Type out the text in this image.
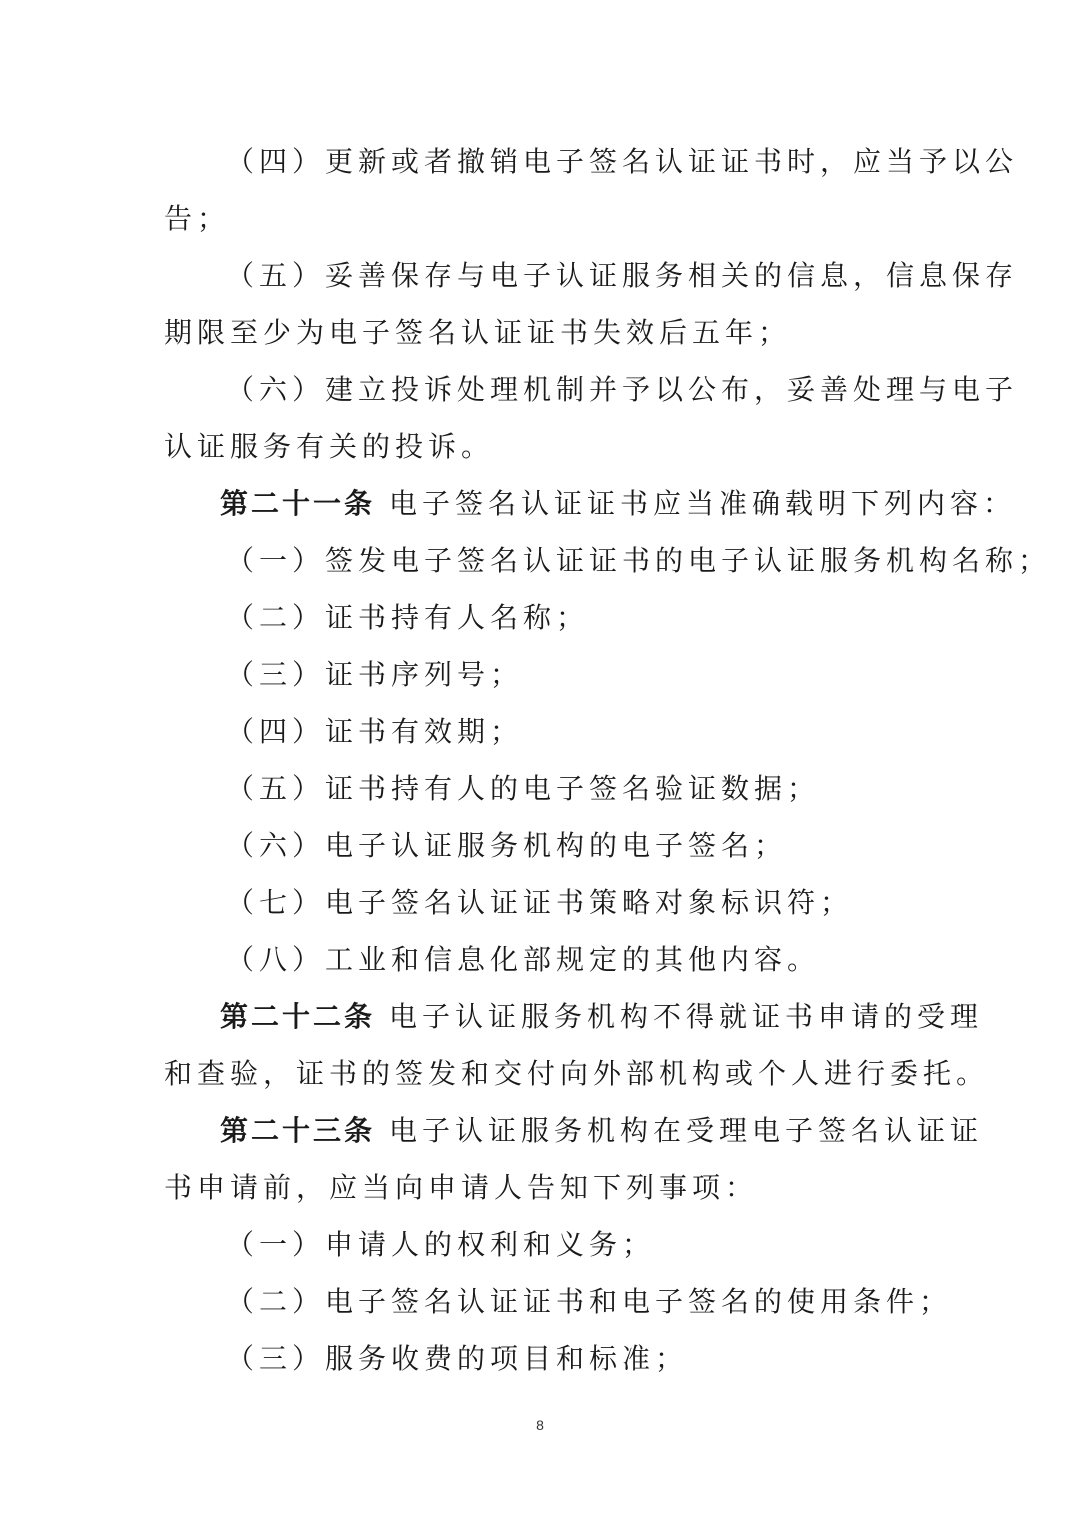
（四）更新或者撤销电子签名认证证书时，应当予以公
告；
（五）妥善保存与电子认证服务相关的信息，信息保存
期限至少为电子签名认证证书失效后五年；
（六）建立投诉处理机制并予以公布，妥善处理与电子
认证服务有关的投诉。
第二十一条 电子签名认证证书应当准确载明下列内容：
（一）签发电子签名认证证书的电子认证服务机构名称；
（二）证书持有人名称；
（三）证书序列号；
（四）证书有效期；
（五）证书持有人的电子签名验证数据；
（六）电子认证服务机构的电子签名；
（七）电子签名认证证书策略对象标识符；
（八）工业和信息化部规定的其他内容。
第二十二条 电子认证服务机构不得就证书申请的受理
和查验，证书的签发和交付向外部机构或个人进行委托。
第二十三条 电子认证服务机构在受理电子签名认证证
书申请前，应当向申请人告知下列事项：
（一）申请人的权利和义务；
（二）电子签名认证证书和电子签名的使用条件；
（三）服务收费的项目和标准；
8
